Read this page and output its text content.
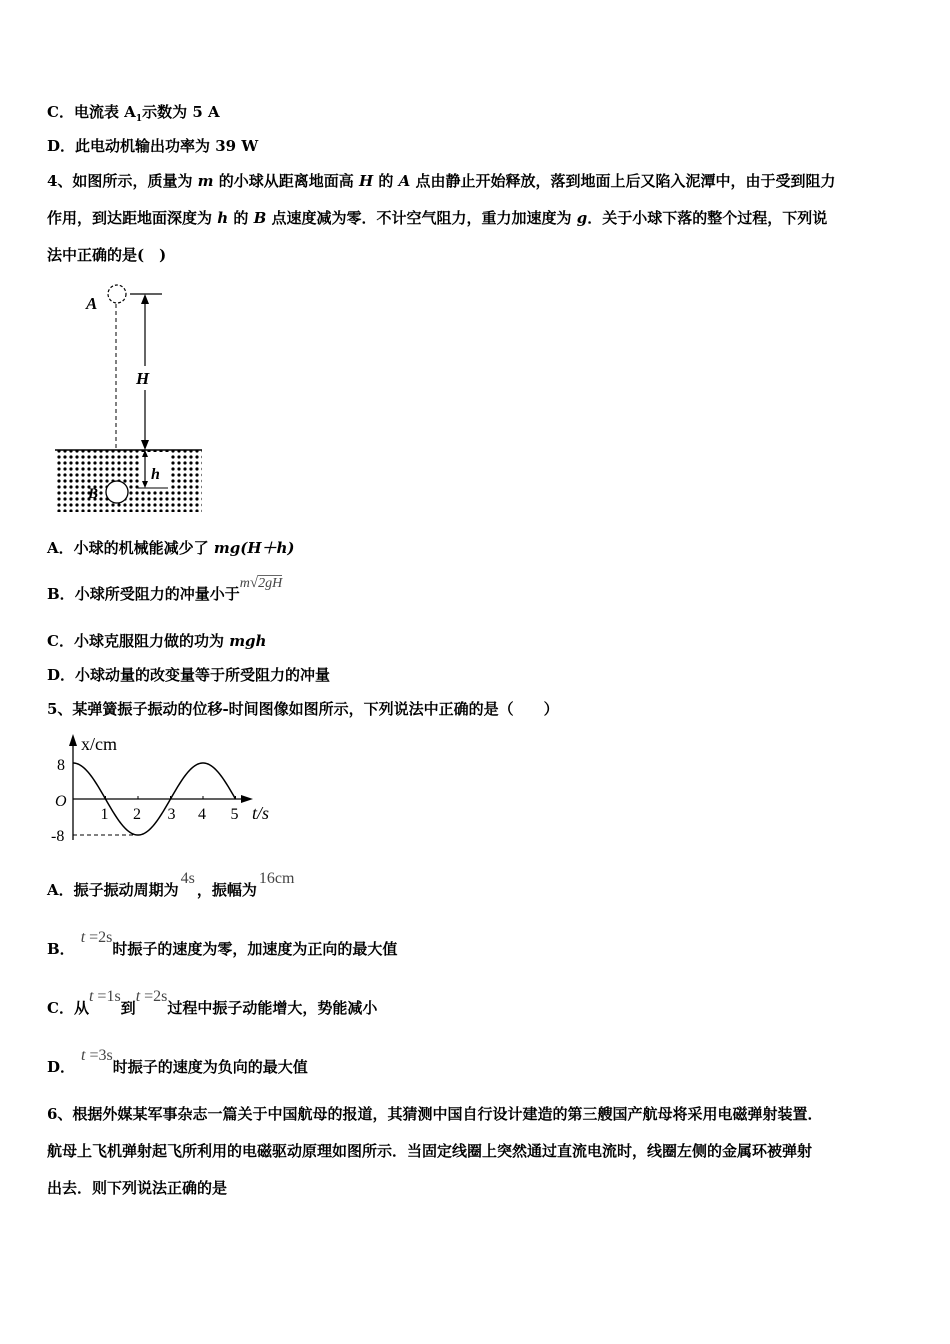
C．电流表 $A_1$示数为 5 A
D．此电动机输出功率为 39 W
4、如图所示，质量为 m 的小球从距离地面高 H 的 A 点由静止开始释放，落到地面上后又陷入泥潭中，由于受到阻力
作用，到达距地面深度为 h 的 B 点速度减为零．不计空气阻力，重力加速度为 g．关于小球下落的整个过程，下列说
法中正确的是(　)
H
A
h
B
A．小球的机械能减少了 mg(H＋h)
B．小球所受阻力的冲量小于m√2gH
C．小球克服阻力做的功为 mgh
D．小球动量的改变量等于所受阻力的冲量
5、某弹簧振子振动的位移-时间图像如图所示，下列说法中正确的是（　　）
x/cm
t/s
O
8
-8
1 2 3 4 5
A．振子振动周期为4s，振幅为16cm
B．t =2s时振子的速度为零，加速度为正向的最大值
C．从t =1s到t =2s过程中振子动能增大，势能减小
D．t =3s时振子的速度为负向的最大值
6、根据外媒某军事杂志一篇关于中国航母的报道，其猜测中国自行设计建造的第三艘国产航母将采用电磁弹射装置．
航母上飞机弹射起飞所利用的电磁驱动原理如图所示．当固定线圈上突然通过直流电流时，线圈左侧的金属环被弹射
出去．则下列说法正确的是
